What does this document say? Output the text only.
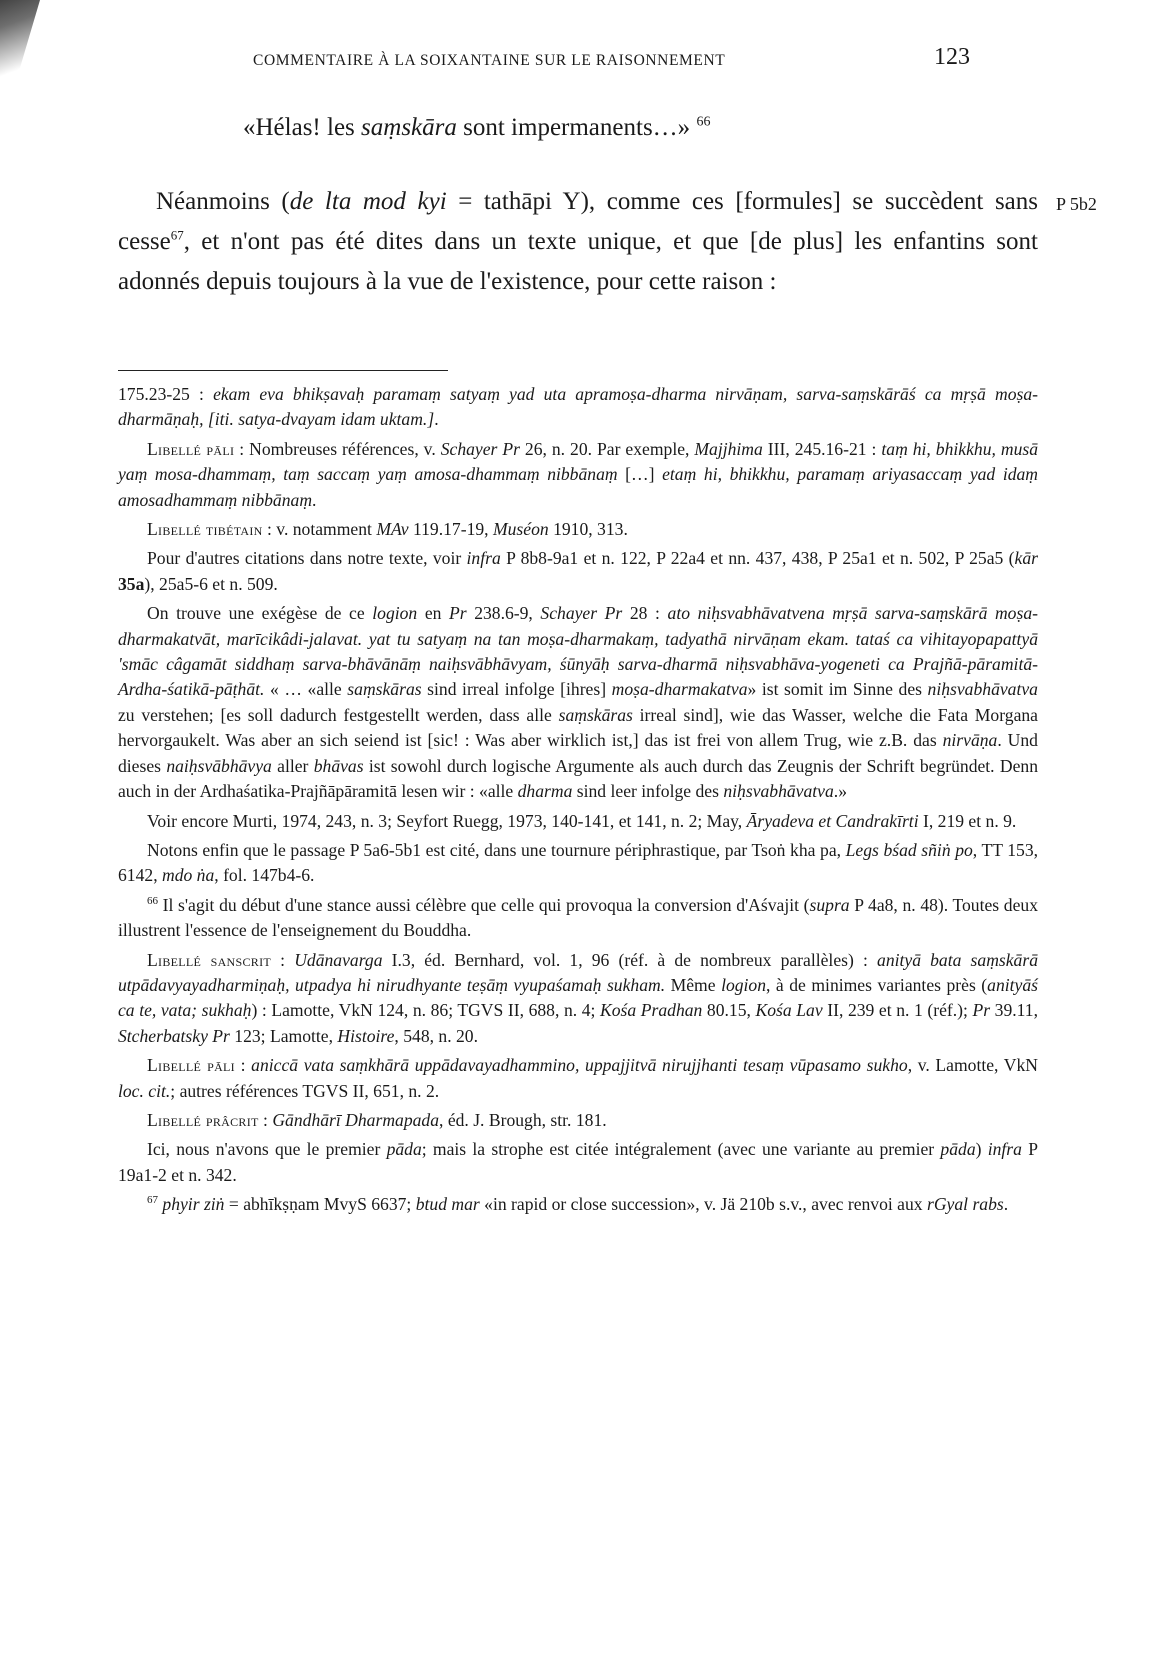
COMMENTAIRE À LA SOIXANTAINE SUR LE RAISONNEMENT	123
«Hélas! les saṃskāra sont impermanents…» $^{66}$
P 5b2

Néanmoins (de lta mod kyi = tathāpi Y), comme ces [formules] se succèdent sans cesse$^{67}$, et n'ont pas été dites dans un texte unique, et que [de plus] les enfantins sont adonnés depuis toujours à la vue de l'existence, pour cette raison :

175.23-25 : ekam eva bhikṣavaḥ paramaṃ satyaṃ yad uta apramoṣa-dharma nirvāṇam, sarva-saṃskārāś ca mṛṣā moṣa-dharmāṇaḥ, [iti. satya-dvayam idam uktam.].

Libellé pāli : Nombreuses références, v. Schayer Pr 26, n. 20. Par exemple, Majjhima III, 245.16-21 : taṃ hi, bhikkhu, musā yaṃ mosa-dhammaṃ, taṃ saccaṃ yaṃ amosa-dhammaṃ nibbānaṃ […] etaṃ hi, bhikkhu, paramaṃ ariyasaccaṃ yad idaṃ amosadhammaṃ nibbānaṃ.

Libellé tibétain : v. notamment MAv 119.17-19, Muséon 1910, 313.

Pour d'autres citations dans notre texte, voir infra P 8b8-9a1 et n. 122, P 22a4 et nn. 437, 438, P 25a1 et n. 502, P 25a5 (kār 35a), 25a5-6 et n. 509.

On trouve une exégèse de ce logion en Pr 238.6-9, Schayer Pr 28 : ato niḥsvabhāvatvena mṛṣā sarva-saṃskārā moṣa-dharmakatvāt, marīcikâdi-jalavat. yat tu satyaṃ na tan moṣa-dharmakaṃ, tadyathā nirvāṇam ekam. tataś ca vihitayopapattyā 'smāc câgamāt siddhaṃ sarva-bhāvānāṃ naiḥsvābhāvyam, śūnyāḥ sarva-dharmā niḥsvabhāva-yogeneti ca Prajñā-pāramitā-Ardha-śatikā-pāṭhāt. « … «alle saṃskāras sind irreal infolge [ihres] moṣa-dharmakatva» ist somit im Sinne des niḥsvabhāvatva zu verstehen; [es soll dadurch festgestellt werden, dass alle saṃskāras irreal sind], wie das Wasser, welche die Fata Morgana hervorgaukelt. Was aber an sich seiend ist [sic! : Was aber wirklich ist,] das ist frei von allem Trug, wie z.B. das nirvāṇa. Und dieses naiḥsvābhāvya aller bhāvas ist sowohl durch logische Argumente als auch durch das Zeugnis der Schrift begründet. Denn auch in der Ardhaśatika-Prajñāpāramitā lesen wir : «alle dharma sind leer infolge des niḥsvabhāvatva.»

Voir encore Murti, 1974, 243, n. 3; Seyfort Ruegg, 1973, 140-141, et 141, n. 2; May, Āryadeva et Candrakīrti I, 219 et n. 9.

Notons enfin que le passage P 5a6-5b1 est cité, dans une tournure périphrastique, par Tsoṅ kha pa, Legs bśad sñiṅ po, TT 153, 6142, mdo ṅa, fol. 147b4-6.

$^{66}$ Il s'agit du début d'une stance aussi célèbre que celle qui provoqua la conversion d'Aśvajit (supra P 4a8, n. 48). Toutes deux illustrent l'essence de l'enseignement du Bouddha.

Libellé sanscrit : Udānavarga I.3, éd. Bernhard, vol. 1, 96 (réf. à de nombreux parallèles) : anityā bata saṃskārā utpādavyayadharmiṇaḥ, utpadya hi nirudhyante teṣāṃ vyupaśamaḥ sukham. Même logion, à de minimes variantes près (anityāś ca te, vata; sukhaḥ) : Lamotte, VkN 124, n. 86; TGVS II, 688, n. 4; Kośa Pradhan 80.15, Kośa Lav II, 239 et n. 1 (réf.); Pr 39.11, Stcherbatsky Pr 123; Lamotte, Histoire, 548, n. 20.

Libellé pāli : aniccā vata saṃkhārā uppādavayadhammino, uppajjitvā nirujjhanti tesaṃ vūpasamo sukho, v. Lamotte, VkN loc. cit.; autres références TGVS II, 651, n. 2.

Libellé prâcrit : Gāndhārī Dharmapada, éd. J. Brough, str. 181.

Ici, nous n'avons que le premier pāda; mais la strophe est citée intégralement (avec une variante au premier pāda) infra P 19a1-2 et n. 342.

$^{67}$ phyir ziṅ = abhīkṣṇam MvyS 6637; btud mar «in rapid or close succession», v. Jä 210b s.v., avec renvoi aux rGyal rabs.
